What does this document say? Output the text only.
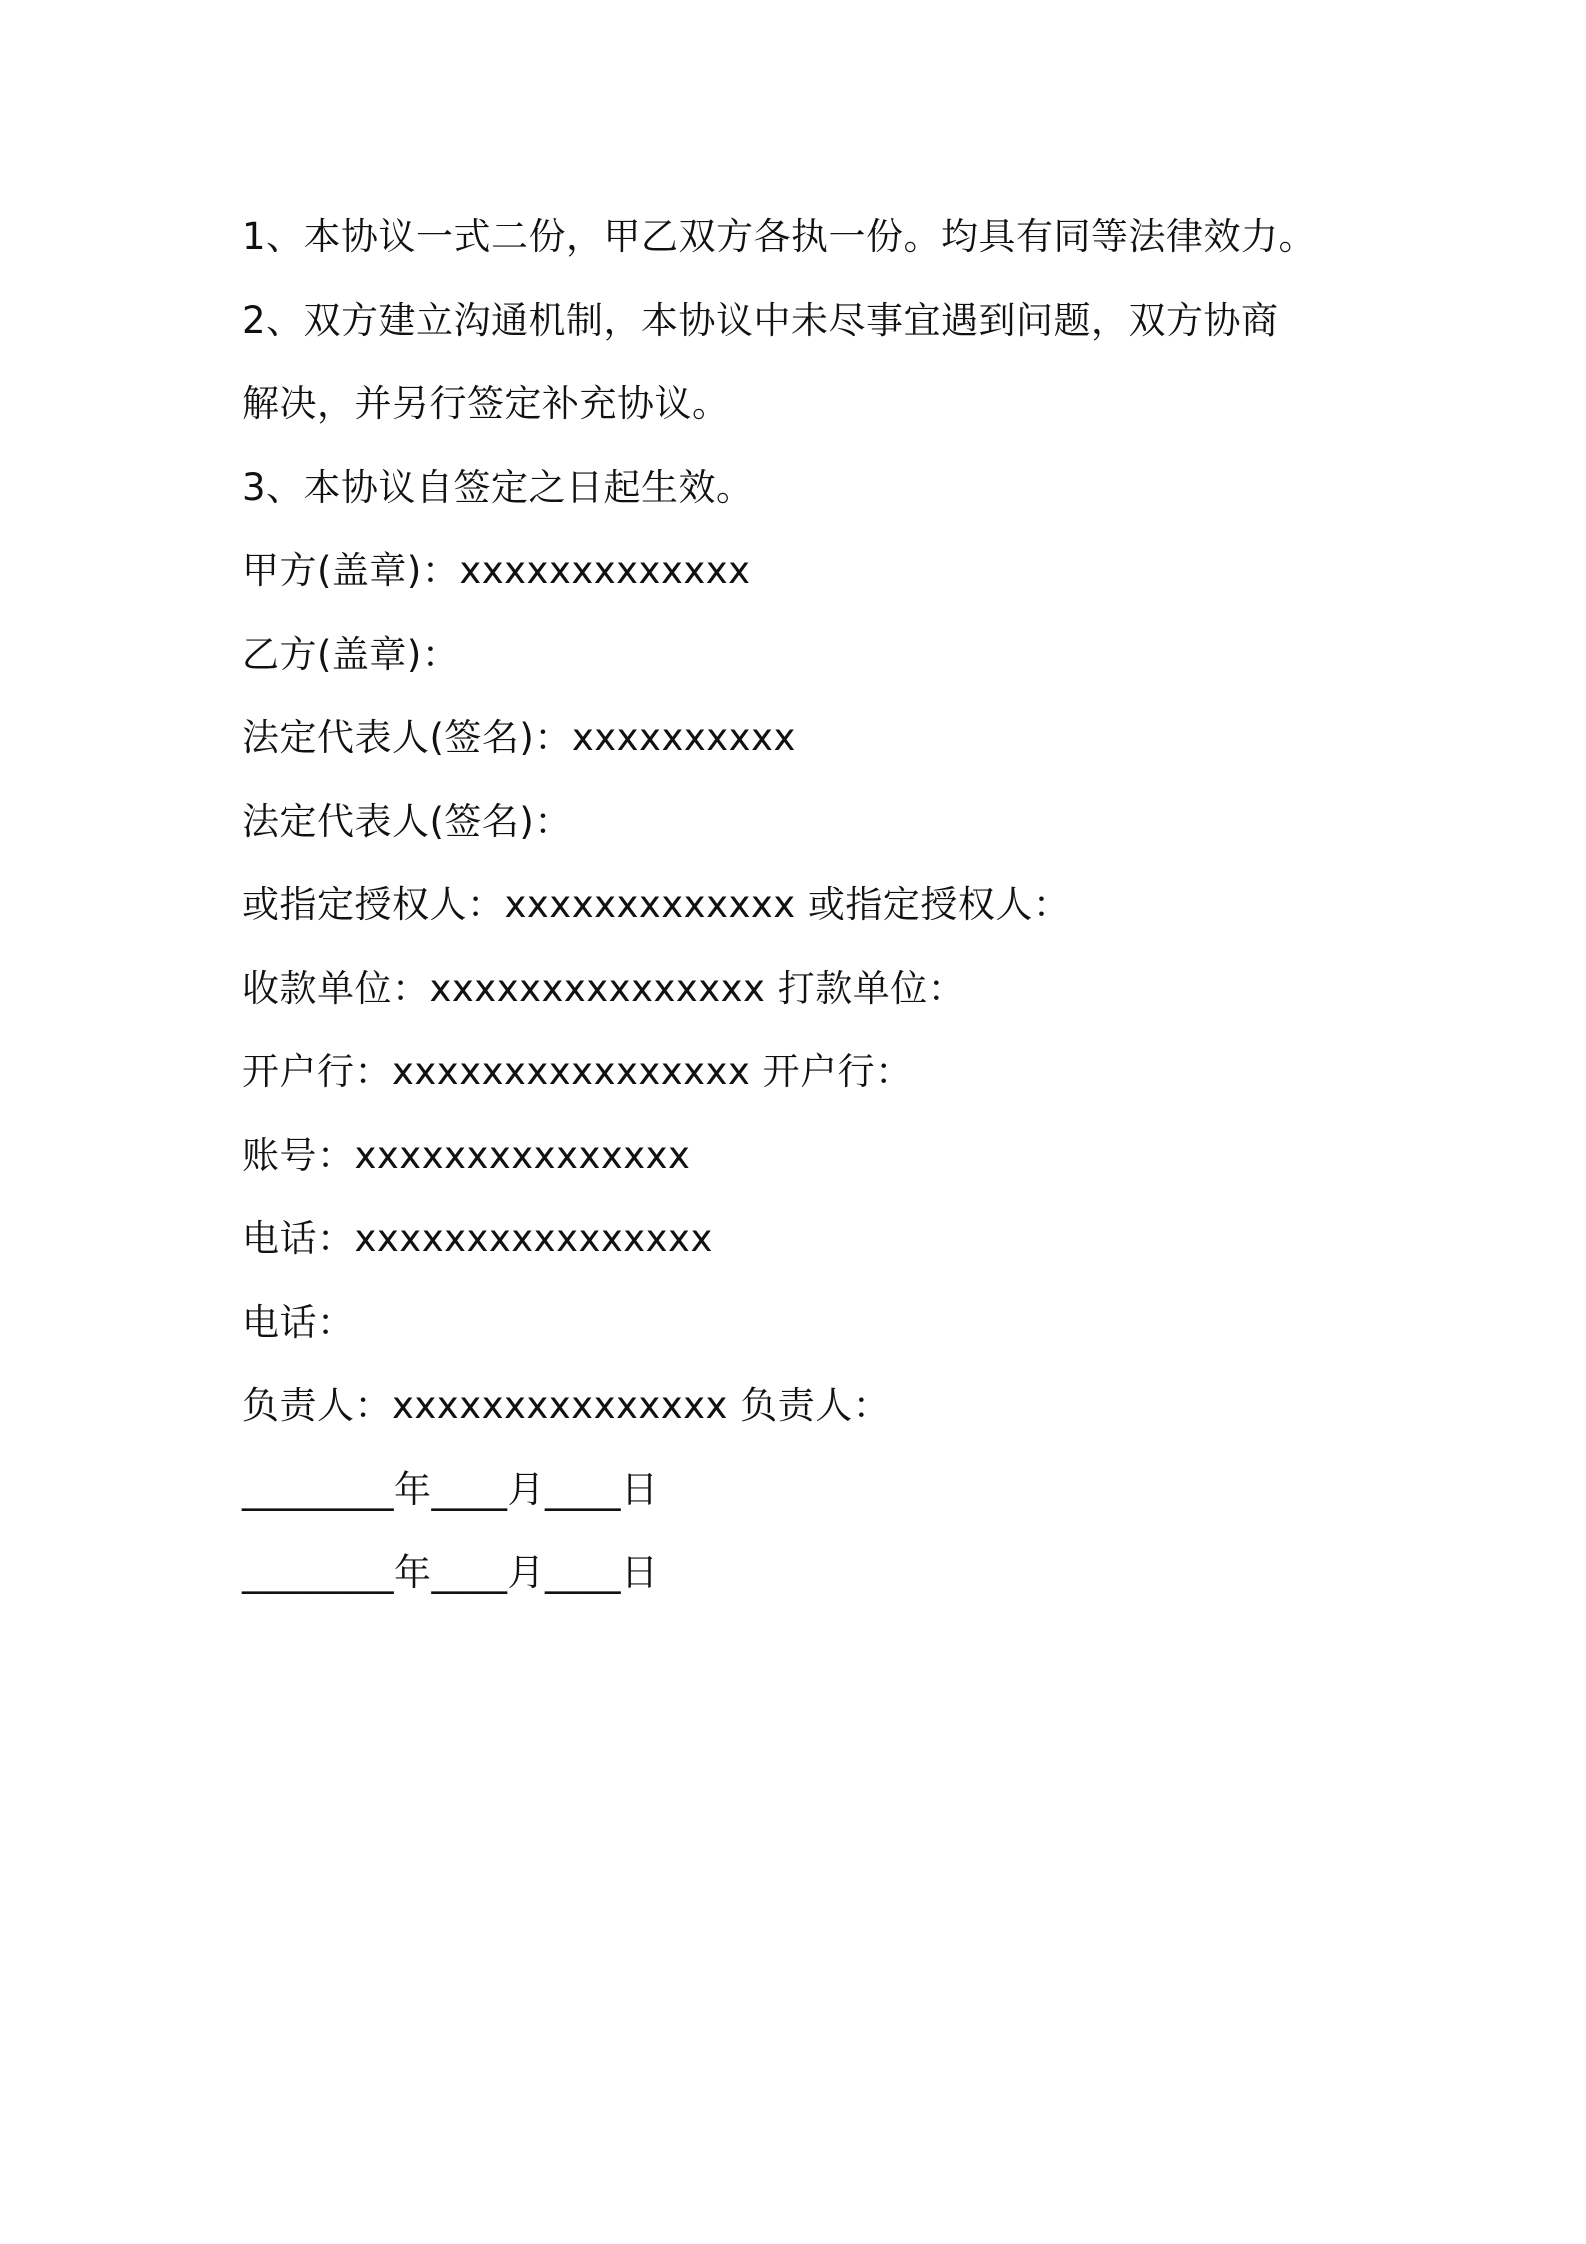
1、本协议一式二份，甲乙双方各执一份。均具有同等法律效力。
2、双方建立沟通机制，本协议中未尽事宜遇到问题，双方协商
解决，并另行签定补充协议。
3、本协议自签定之日起生效。
甲方(盖章)：xxxxxxxxxxxxx
乙方(盖章)：
法定代表人(签名)：xxxxxxxxxx
法定代表人(签名)：
或指定授权人：xxxxxxxxxxxxx 或指定授权人：
收款单位：xxxxxxxxxxxxxxx 打款单位：
开户行：xxxxxxxxxxxxxxxx 开户行：
账号：xxxxxxxxxxxxxxx
电话：xxxxxxxxxxxxxxxx
电话：
负责人：xxxxxxxxxxxxxxx 负责人：
________年____月____日
________年____月____日
